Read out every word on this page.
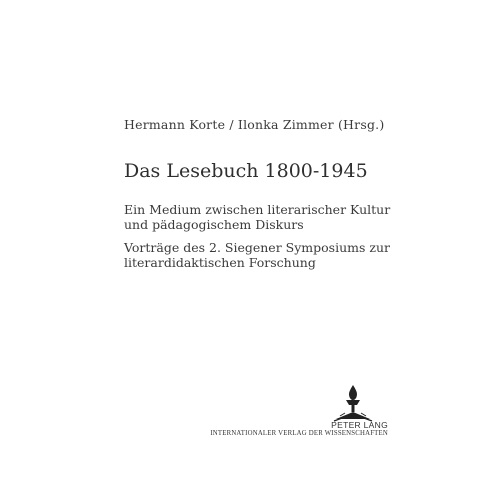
Hermann Korte / Ilonka Zimmer (Hrsg.)
Das Lesebuch 1800-1945
Ein Medium zwischen literarischer Kultur
und pädagogischem Diskurs
Vorträge des 2. Siegener Symposiums zur
literardidaktischen Forschung
PETER LANG
INTERNATIONALER VERLAG DER WISSENSCHAFTEN
